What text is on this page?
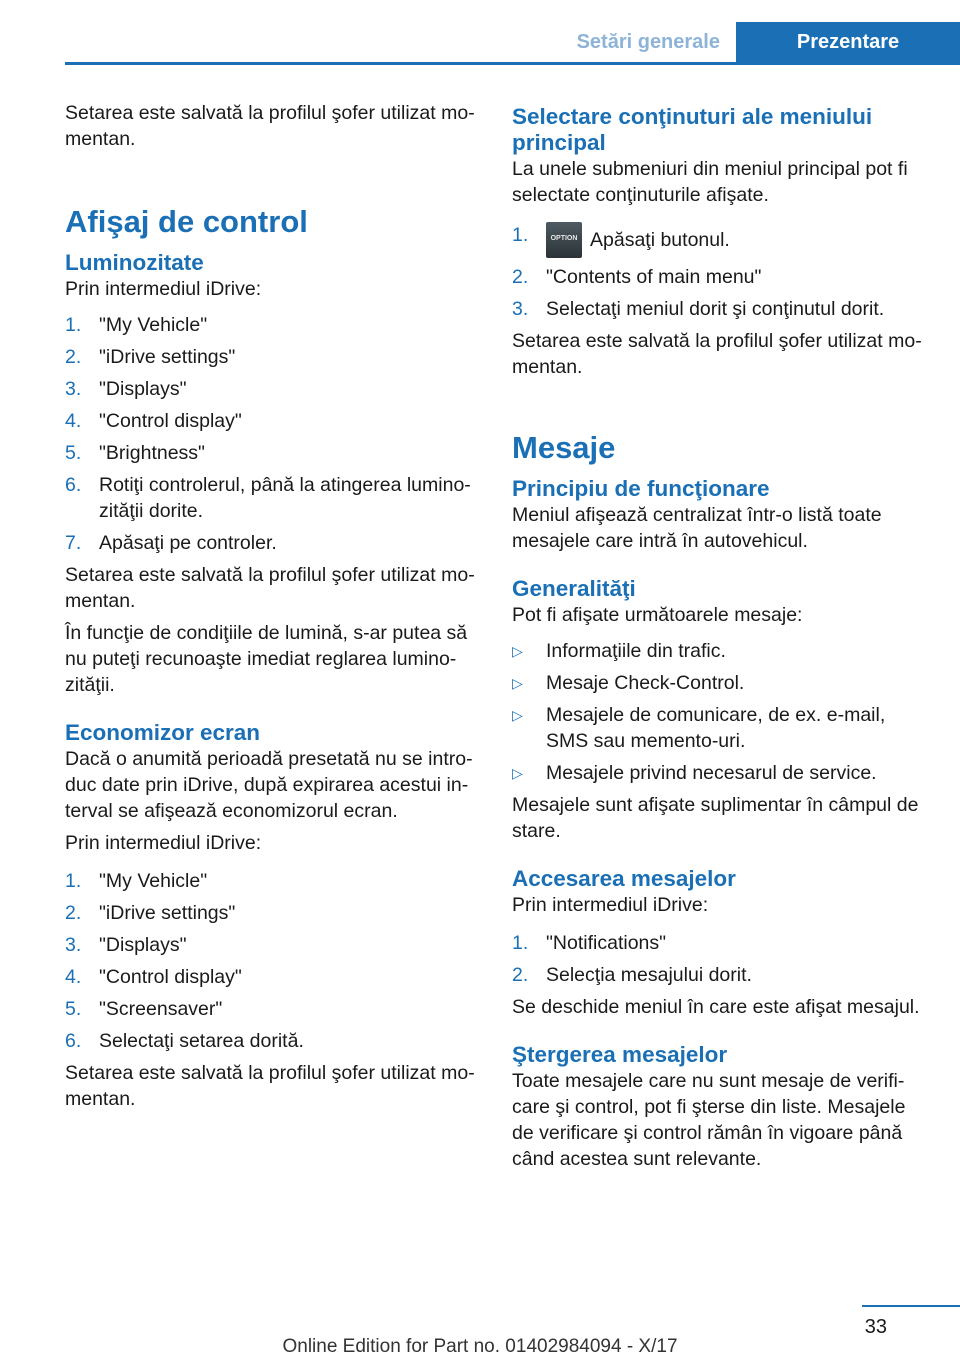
Setări generale	Prezentare

Setarea este salvată la profilul şofer utilizat mo‐
mentan.

Afişaj de control
Luminozitate

Prin intermediul iDrive:

1. "My Vehicle"
2. "iDrive settings"
3. "Displays"
4. "Control display"
5. "Brightness"
6. Rotiţi controlerul, până la atingerea lumino‐
zităţii dorite.
7. Apăsaţi pe controler.

Setarea este salvată la profilul şofer utilizat mo‐
mentan.

În funcţie de condiţiile de lumină, s-ar putea să
nu puteţi recunoaşte imediat reglarea lumino‐
zităţii.

Economizor ecran

Dacă o anumită perioadă presetată nu se intro‐
duc date prin iDrive, după expirarea acestui in‐
terval se afişează economizorul ecran.

Prin intermediul iDrive:

1. "My Vehicle"
2. "iDrive settings"
3. "Displays"
4. "Control display"
5. "Screensaver"
6. Selectaţi setarea dorită.

Setarea este salvată la profilul şofer utilizat mo‐
mentan.

Selectare conţinuturi ale meniului
principal

La unele submeniuri din meniul principal pot fi
selectate conţinuturile afişate.

1.	OPTION Apăsaţi butonul.
2. "Contents of main menu"
3. Selectaţi meniul dorit şi conţinutul dorit.

Setarea este salvată la profilul şofer utilizat mo‐
mentan.

Mesaje
Principiu de funcţionare

Meniul afişează centralizat într-o listă toate
mesajele care intră în autovehicul.

Generalităţi

Pot fi afişate următoarele mesaje:

▷ Informaţiile din trafic.
▷ Mesaje Check-Control.
▷ Mesajele de comunicare, de ex. e-mail,
SMS sau memento-uri.
▷ Mesajele privind necesarul de service.

Mesajele sunt afişate suplimentar în câmpul de
stare.

Accesarea mesajelor

Prin intermediul iDrive:

1. "Notifications"
2. Selecţia mesajului dorit.

Se deschide meniul în care este afişat mesajul.

Ştergerea mesajelor

Toate mesajele care nu sunt mesaje de verifi‐
care şi control, pot fi şterse din liste. Mesajele
de verificare şi control rămân în vigoare până
când acestea sunt relevante.

33
Online Edition for Part no. 01402984094 - X/17
